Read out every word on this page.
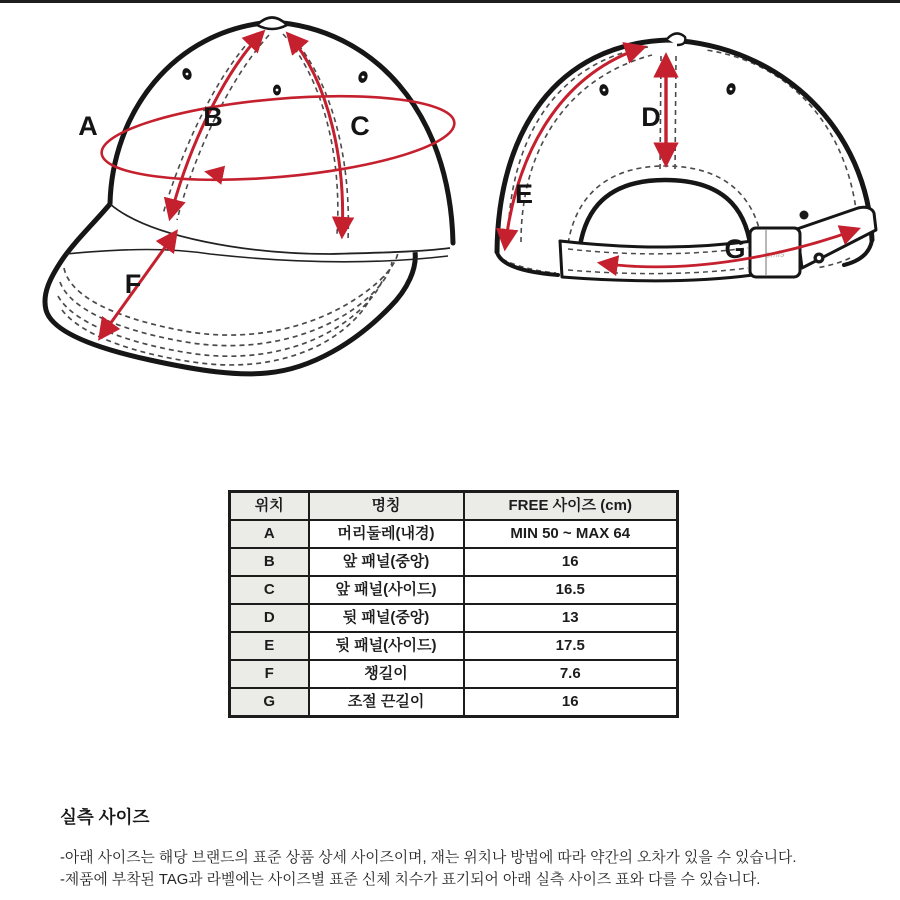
A	B	C
F
emis
D
E
G
위치	명칭	FREE 사이즈 (cm)
A	머리둘레(내경)	MIN 50 ~ MAX 64
B	앞 패널(중앙)	16
C	앞 패널(사이드)	16.5
D	뒷 패널(중앙)	13
E	뒷 패널(사이드)	17.5
F	챙길이	7.6
G	조절 끈길이	16

실측 사이즈

-아래 사이즈는 해당 브랜드의 표준 상품 상세 사이즈이며, 재는 위치나 방법에 따라 약간의 오차가 있을 수 있습니다.

-제품에 부착된 TAG과 라벨에는 사이즈별 표준 신체 치수가 표기되어 아래 실측 사이즈 표와 다를 수 있습니다.
